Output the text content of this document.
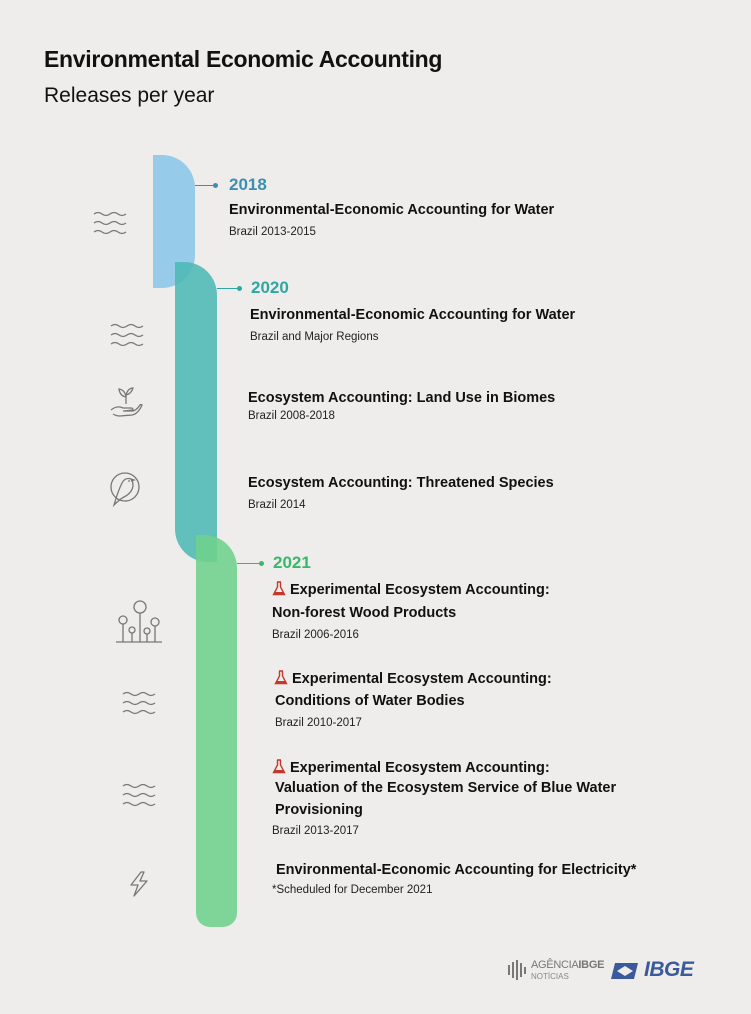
Environmental Economic Accounting
Releases per year
2018
2020
2021
Environmental-Economic Accounting for Water
Brazil 2013-2015
Environmental-Economic Accounting for Water
Brazil and Major Regions
Ecosystem Accounting: Land Use in Biomes
Brazil 2008-2018
Ecosystem Accounting: Threatened Species
Brazil 2014
Experimental Ecosystem Accounting:
Non-forest Wood Products
Brazil 2006-2016
Experimental Ecosystem Accounting:
Conditions of Water Bodies
Brazil 2010-2017
Experimental Ecosystem Accounting:
Valuation of the Ecosystem Service of Blue Water
Provisioning
Brazil 2013-2017
Environmental-Economic Accounting for Electricity*
*Scheduled for December 2021
AGÊNCIAIBGE
NOTÍCIAS	IBGE
